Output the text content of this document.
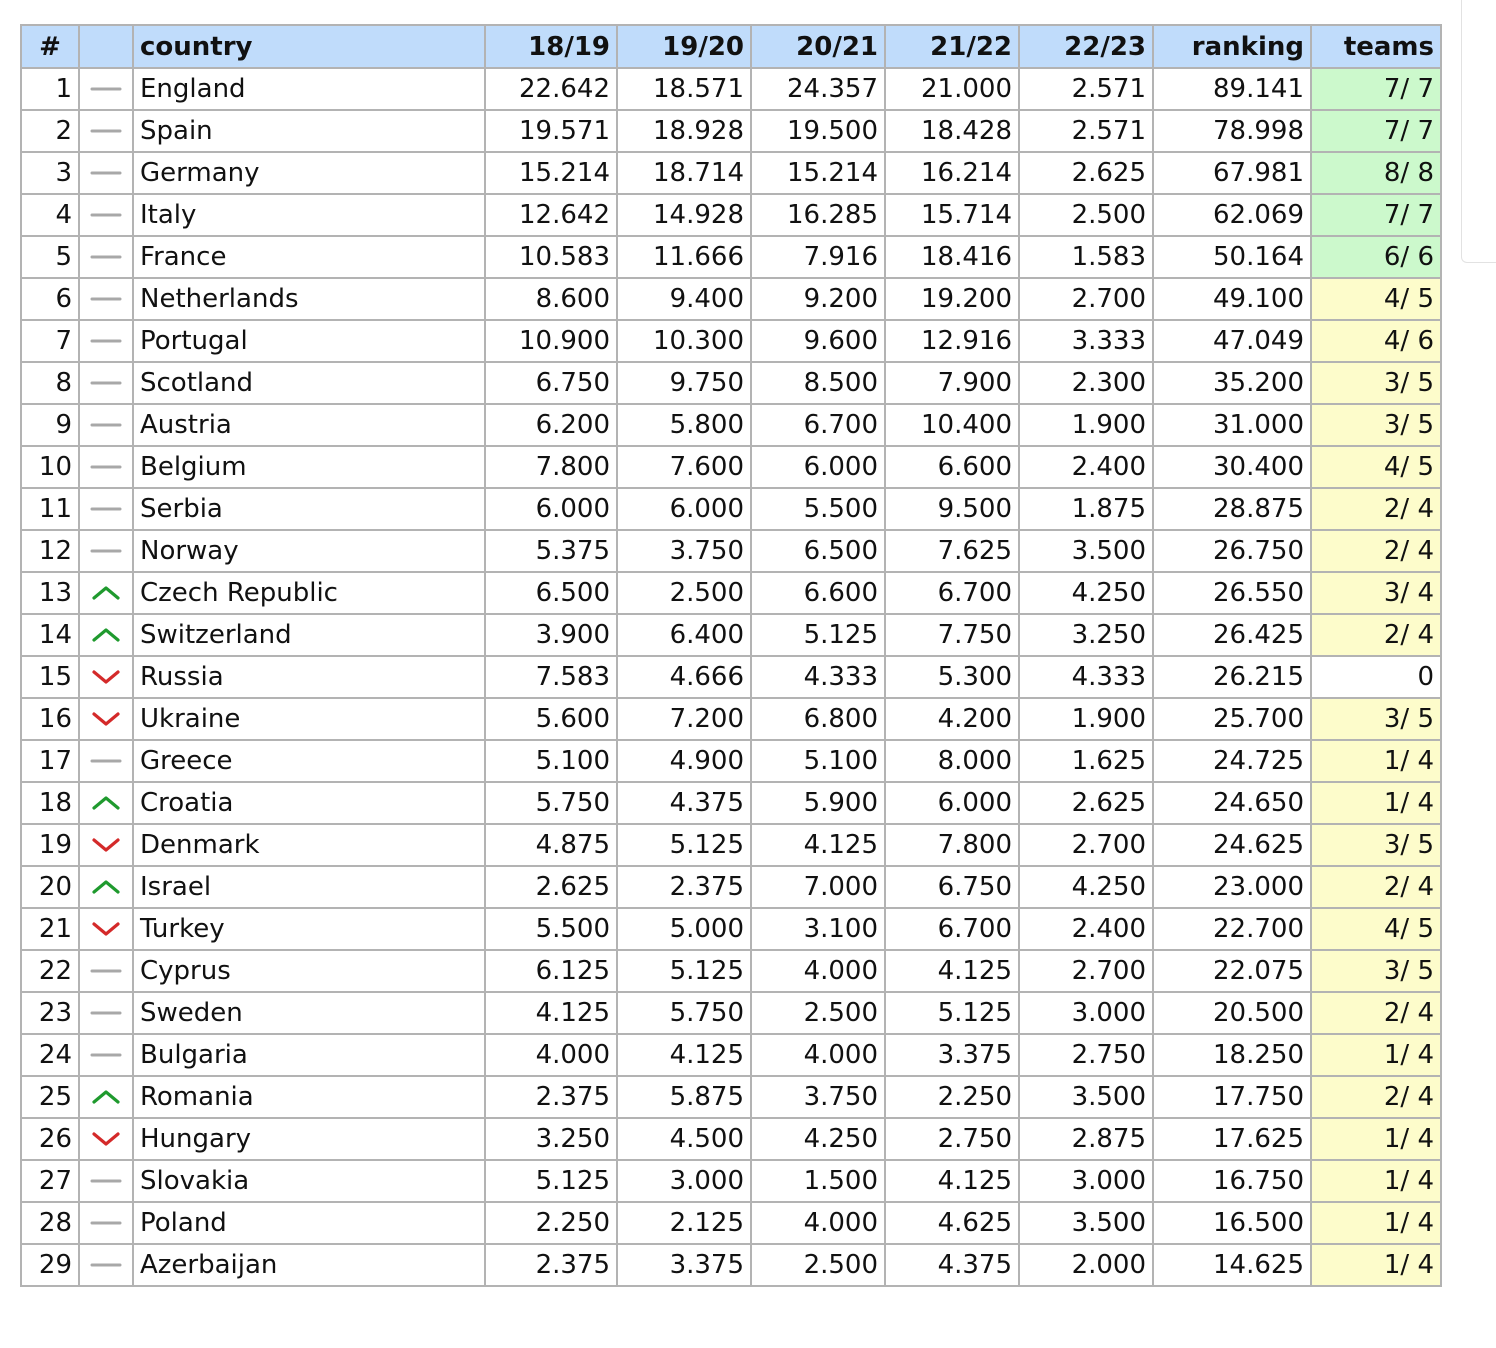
#		country	18/19	19/20	20/21	21/22	22/23	ranking	teams
1		England	22.642	18.571	24.357	21.000	2.571	89.141	7/ 7
2		Spain	19.571	18.928	19.500	18.428	2.571	78.998	7/ 7
3		Germany	15.214	18.714	15.214	16.214	2.625	67.981	8/ 8
4		Italy	12.642	14.928	16.285	15.714	2.500	62.069	7/ 7
5		France	10.583	11.666	7.916	18.416	1.583	50.164	6/ 6
6		Netherlands	8.600	9.400	9.200	19.200	2.700	49.100	4/ 5
7		Portugal	10.900	10.300	9.600	12.916	3.333	47.049	4/ 6
8		Scotland	6.750	9.750	8.500	7.900	2.300	35.200	3/ 5
9		Austria	6.200	5.800	6.700	10.400	1.900	31.000	3/ 5
10		Belgium	7.800	7.600	6.000	6.600	2.400	30.400	4/ 5
11		Serbia	6.000	6.000	5.500	9.500	1.875	28.875	2/ 4
12		Norway	5.375	3.750	6.500	7.625	3.500	26.750	2/ 4
13		Czech Republic	6.500	2.500	6.600	6.700	4.250	26.550	3/ 4
14		Switzerland	3.900	6.400	5.125	7.750	3.250	26.425	2/ 4
15		Russia	7.583	4.666	4.333	5.300	4.333	26.215	0
16		Ukraine	5.600	7.200	6.800	4.200	1.900	25.700	3/ 5
17		Greece	5.100	4.900	5.100	8.000	1.625	24.725	1/ 4
18		Croatia	5.750	4.375	5.900	6.000	2.625	24.650	1/ 4
19		Denmark	4.875	5.125	4.125	7.800	2.700	24.625	3/ 5
20		Israel	2.625	2.375	7.000	6.750	4.250	23.000	2/ 4
21		Turkey	5.500	5.000	3.100	6.700	2.400	22.700	4/ 5
22		Cyprus	6.125	5.125	4.000	4.125	2.700	22.075	3/ 5
23		Sweden	4.125	5.750	2.500	5.125	3.000	20.500	2/ 4
24		Bulgaria	4.000	4.125	4.000	3.375	2.750	18.250	1/ 4
25		Romania	2.375	5.875	3.750	2.250	3.500	17.750	2/ 4
26		Hungary	3.250	4.500	4.250	2.750	2.875	17.625	1/ 4
27		Slovakia	5.125	3.000	1.500	4.125	3.000	16.750	1/ 4
28		Poland	2.250	2.125	4.000	4.625	3.500	16.500	1/ 4
29		Azerbaijan	2.375	3.375	2.500	4.375	2.000	14.625	1/ 4
